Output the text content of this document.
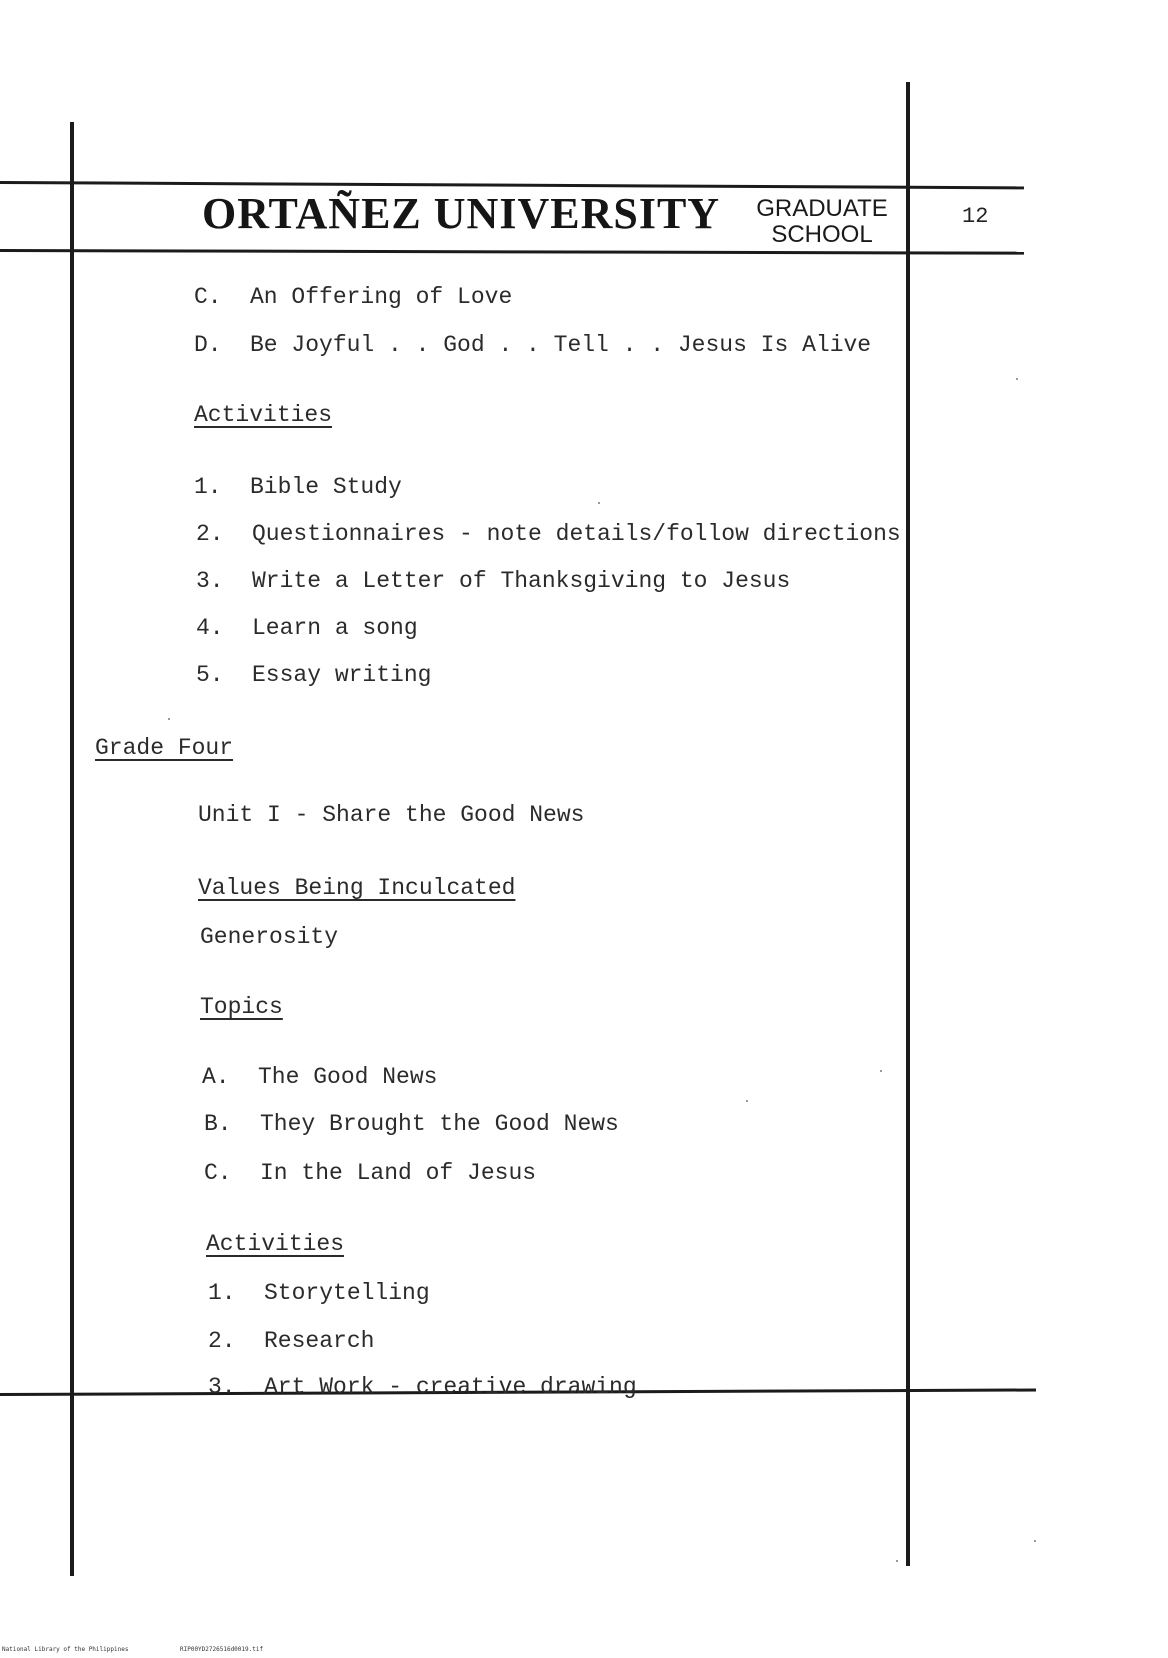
ORTAÑEZ UNIVERSITY	GRADUATE
SCHOOL
12
C. An Offering of Love
D. Be Joyful . . God . . Tell . . Jesus Is Alive
Activities
1. Bible Study
2. Questionnaires - note details/follow directions
3. Write a Letter of Thanksgiving to Jesus
4. Learn a song
5. Essay writing
Grade Four
Unit I - Share the Good News
Values Being Inculcated
Generosity
Topics
A. The Good News
B. They Brought the Good News
C. In the Land of Jesus
Activities
1. Storytelling
2. Research
3. Art Work - creative drawing
National Library of the Philippines	RIP00YD2726516d0019.tif
